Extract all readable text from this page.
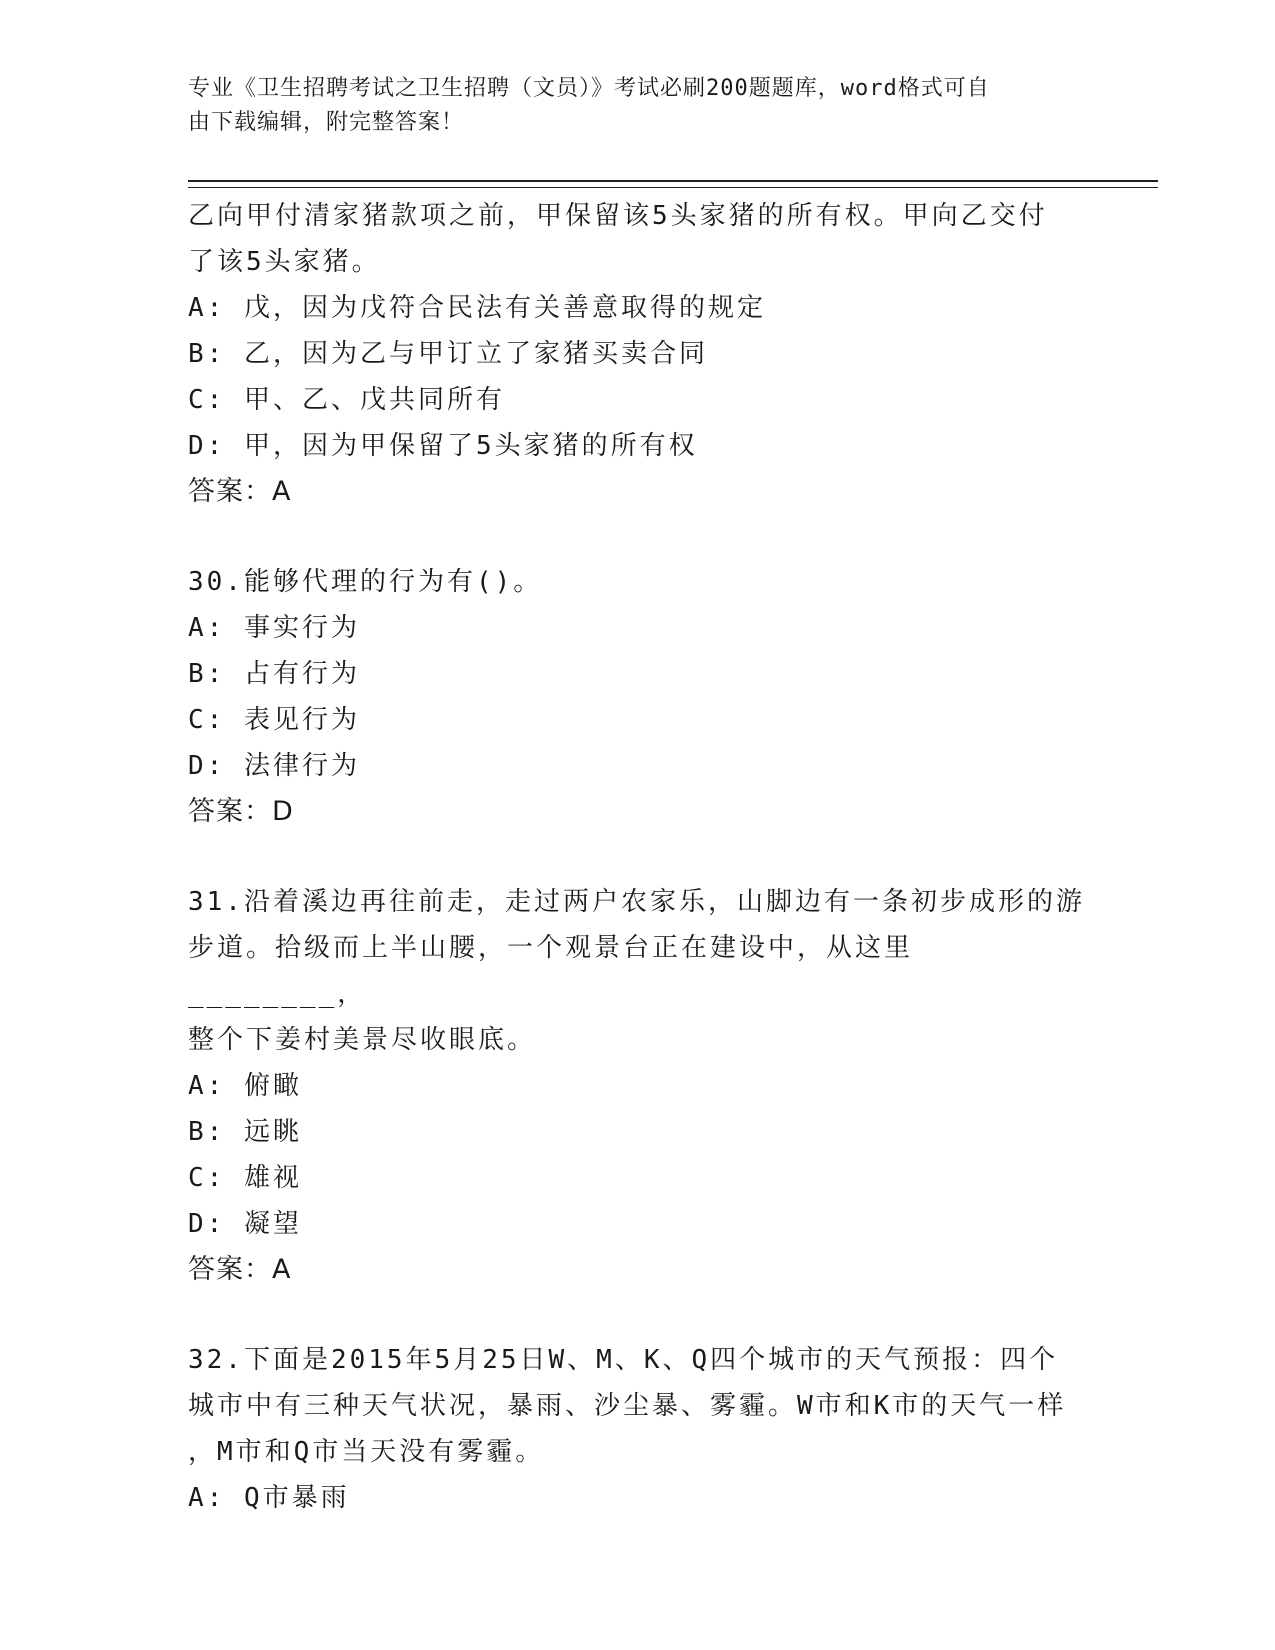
专业《卫生招聘考试之卫生招聘（文员）》考试必刷200题题库，word格式可自
由下载编辑，附完整答案！

乙向甲付清家猪款项之前，甲保留该5头家猪的所有权。甲向乙交付

了该5头家猪。

A: 戊，因为戊符合民法有关善意取得的规定

B: 乙，因为乙与甲订立了家猪买卖合同

C: 甲、乙、戊共同所有

D: 甲，因为甲保留了5头家猪的所有权

答案：A

30.能够代理的行为有()。

A: 事实行为

B: 占有行为

C: 表见行为

D: 法律行为

答案：D

31.沿着溪边再往前走，走过两户农家乐，山脚边有一条初步成形的游

步道。拾级而上半山腰，一个观景台正在建设中，从这里________，

整个下姜村美景尽收眼底。

A: 俯瞰

B: 远眺

C: 雄视

D: 凝望

答案：A

32.下面是2015年5月25日W、M、K、Q四个城市的天气预报：四个

城市中有三种天气状况，暴雨、沙尘暴、雾霾。W市和K市的天气一样

，M市和Q市当天没有雾霾。

A: Q市暴雨
